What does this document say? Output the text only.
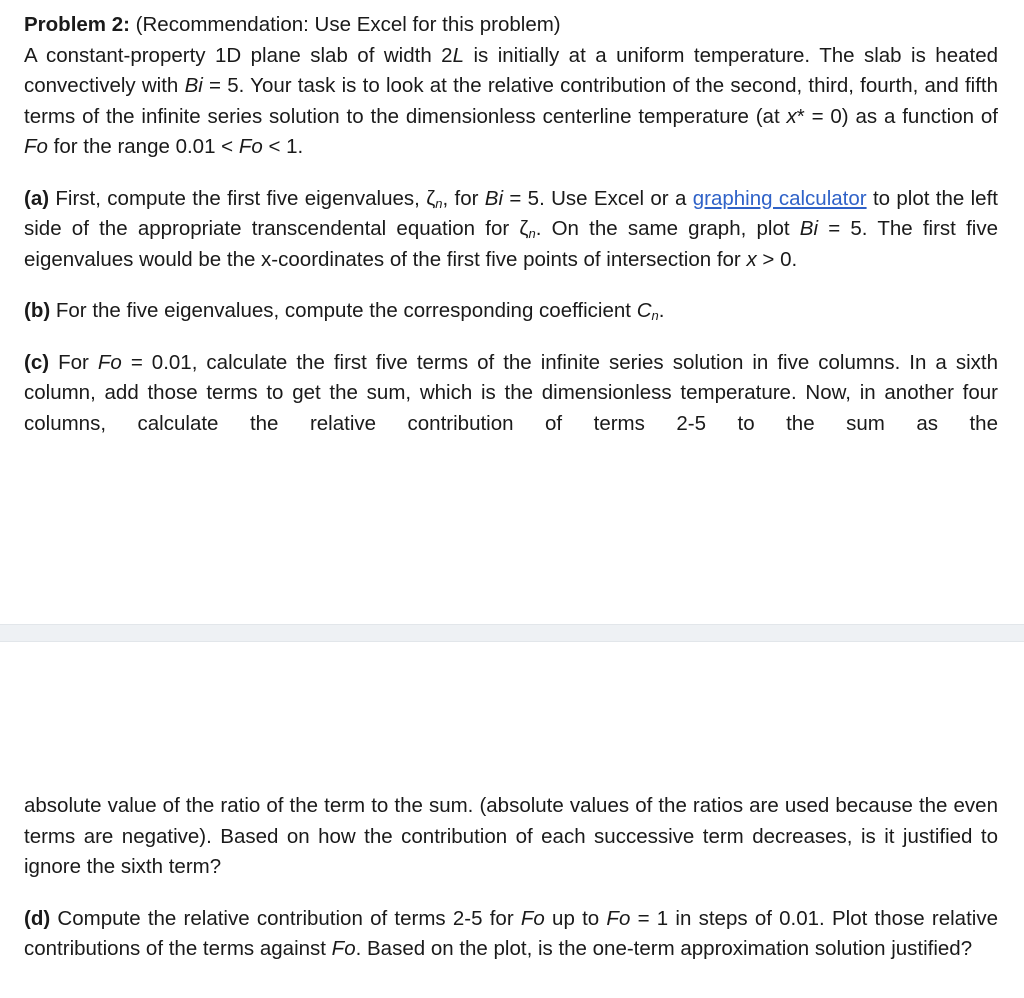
Problem 2: (Recommendation: Use Excel for this problem)

A constant-property 1D plane slab of width 2L is initially at a uniform temperature. The slab is heated convectively with Bi = 5. Your task is to look at the relative contribution of the second, third, fourth, and fifth terms of the infinite series solution to the dimensionless centerline temperature (at x* = 0) as a function of Fo for the range 0.01 < Fo < 1.

(a) First, compute the first five eigenvalues, $\zeta_n$, for Bi = 5. Use Excel or a graphing calculator to plot the left side of the appropriate transcendental equation for $\zeta_n$. On the same graph, plot Bi = 5. The first five eigenvalues would be the x-coordinates of the first five points of intersection for x > 0.

(b) For the five eigenvalues, compute the corresponding coefficient $C_n$.

(c) For Fo = 0.01, calculate the first five terms of the infinite series solution in five columns. In a sixth column, add those terms to get the sum, which is the dimensionless temperature. Now, in another four columns, calculate the relative contribution of terms 2-5 to the sum as the

absolute value of the ratio of the term to the sum. (absolute values of the ratios are used because the even terms are negative). Based on how the contribution of each successive term decreases, is it justified to ignore the sixth term?

(d) Compute the relative contribution of terms 2-5 for Fo up to Fo = 1 in steps of 0.01. Plot those relative contributions of the terms against Fo. Based on the plot, is the one-term approximation solution justified?
